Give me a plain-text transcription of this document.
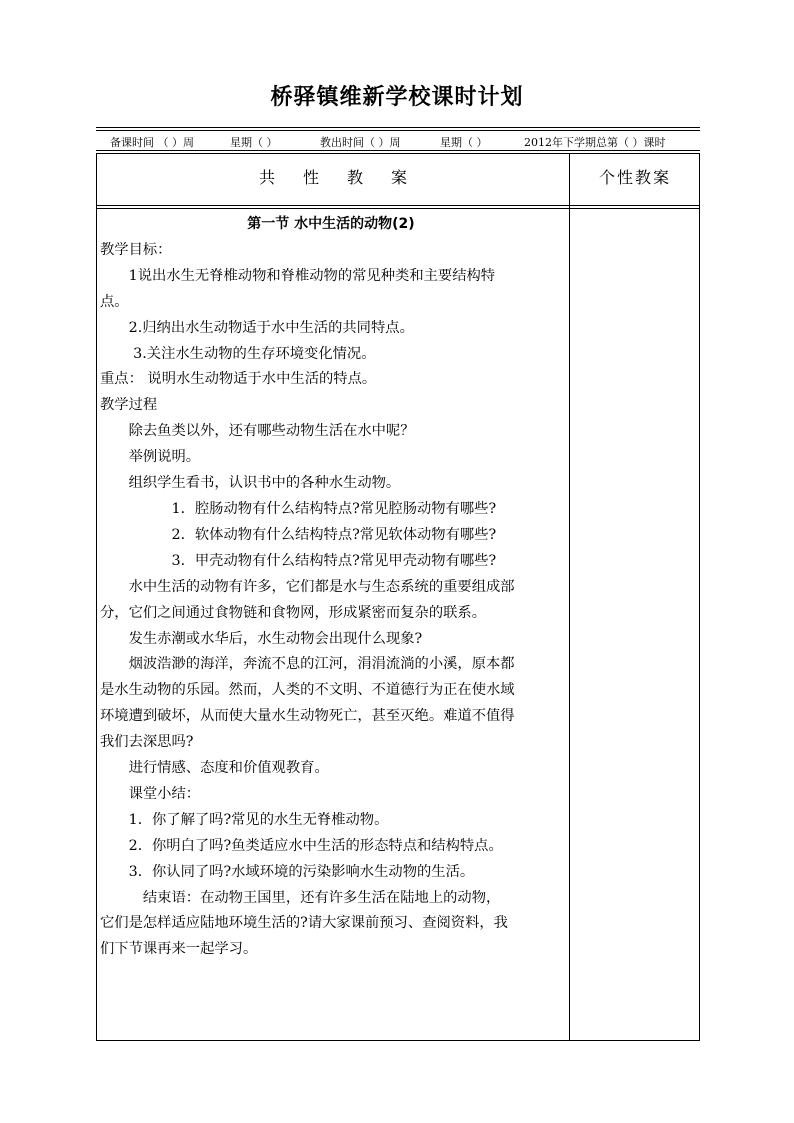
桥驿镇维新学校课时计划
备课时间 （ ）周	星期（ ）	教出时间（ ）周	星期（ ）	2012年下学期总第（ ）课时
共性教案	个性教案

第一节 水中生活的动物(2)

教学目标：

　　1说出水生无脊椎动物和脊椎动物的常见种类和主要结构特

点。

　　2.归纳出水生动物适于水中生活的共同特点。

　　 3.关注水生动物的生存环境变化情况。

重点： 说明水生动物适于水中生活的特点。

教学过程

　　除去鱼类以外，还有哪些动物生活在水中呢？

　　举例说明。

　　组织学生看书，认识书中的各种水生动物。

　　　　　1．腔肠动物有什么结构特点?常见腔肠动物有哪些?

　　　　　2．软体动物有什么结构特点?常见软体动物有哪些?

　　　　　3．甲壳动物有什么结构特点?常见甲壳动物有哪些?

　　水中生活的动物有许多，它们都是水与生态系统的重要组成部

分，它们之间通过食物链和食物网，形成紧密而复杂的联系。

　　发生赤潮或水华后，水生动物会出现什么现象?

　　烟波浩渺的海洋，奔流不息的江河，涓涓流淌的小溪，原本都

是水生动物的乐园。然而，人类的不文明、不道德行为正在使水域

环境遭到破坏，从而使大量水生动物死亡，甚至灭绝。难道不值得

我们去深思吗?

　　进行情感、态度和价值观教育。

　　课堂小结：

　　1．你了解了吗?常见的水生无脊椎动物。

　　2．你明白了吗?鱼类适应水中生活的形态特点和结构特点。

　　3．你认同了吗?水域环境的污染影响水生动物的生活。

　　　结束语：在动物王国里，还有许多生活在陆地上的动物，

它们是怎样适应陆地环境生活的?请大家课前预习、查阅资料，我

们下节课再来一起学习。
